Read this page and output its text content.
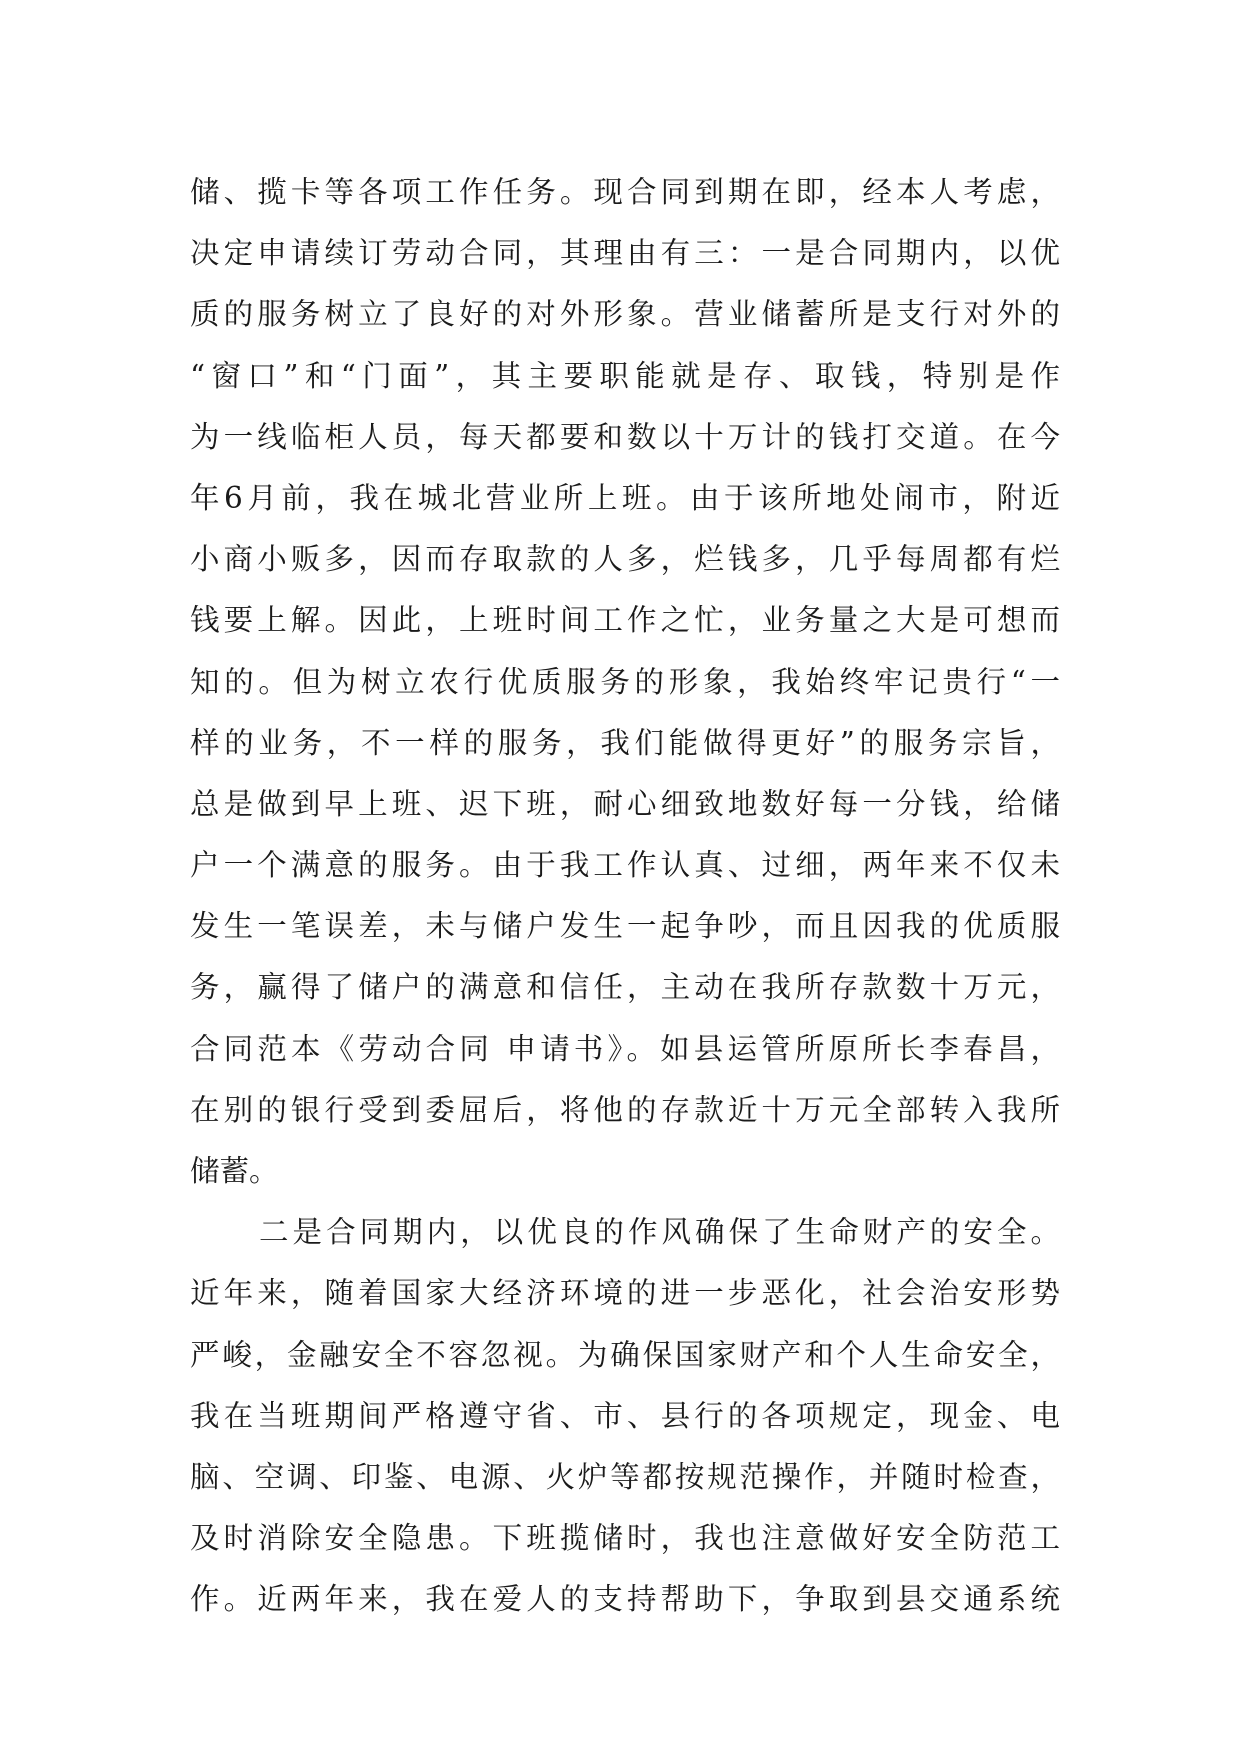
储、揽卡等各项工作任务。现合同到期在即，经本人考虑，
决定申请续订劳动合同，其理由有三：一是合同期内，以优
质的服务树立了良好的对外形象。营业储蓄所是支行对外的
“窗口”和“门面”，其主要职能就是存、取钱，特别是作
为一线临柜人员，每天都要和数以十万计的钱打交道。在今
年6月前，我在城北营业所上班。由于该所地处闹市，附近
小商小贩多，因而存取款的人多，烂钱多，几乎每周都有烂
钱要上解。因此，上班时间工作之忙，业务量之大是可想而
知的。但为树立农行优质服务的形象，我始终牢记贵行“一
样的业务，不一样的服务，我们能做得更好”的服务宗旨，
总是做到早上班、迟下班，耐心细致地数好每一分钱，给储
户一个满意的服务。由于我工作认真、过细，两年来不仅未
发生一笔误差，未与储户发生一起争吵，而且因我的优质服
务，赢得了储户的满意和信任，主动在我所存款数十万元，
合同范本《劳动合同 申请书》。如县运管所原所长李春昌，
在别的银行受到委屈后，将他的存款近十万元全部转入我所
储蓄。
二是合同期内，以优良的作风确保了生命财产的安全。
近年来，随着国家大经济环境的进一步恶化，社会治安形势
严峻，金融安全不容忽视。为确保国家财产和个人生命安全，
我在当班期间严格遵守省、市、县行的各项规定，现金、电
脑、空调、印鉴、电源、火炉等都按规范操作，并随时检查，
及时消除安全隐患。下班揽储时，我也注意做好安全防范工
作。近两年来，我在爱人的支持帮助下，争取到县交通系统
